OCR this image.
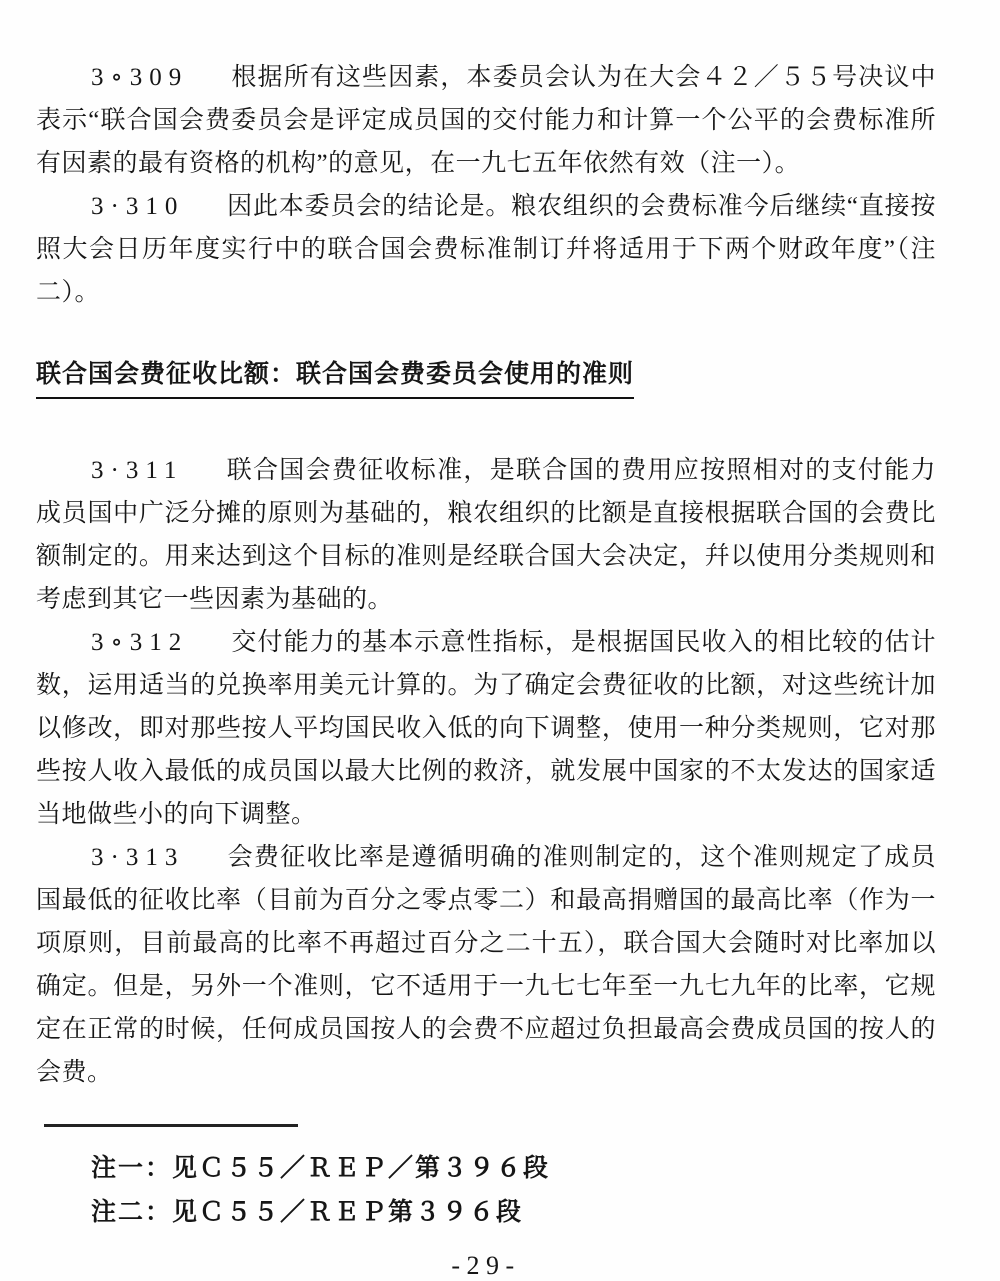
3∘309 根据所有这些因素，本委员会认为在大会４２／５５号决议中表示“联合国会费委员会是评定成员国的交付能力和计算一个公平的会费标准所有因素的最有资格的机构”的意见，在一九七五年依然有效（注一）。

3·310 因此本委员会的结论是。粮农组织的会费标准今后继续“直接按照大会日历年度实行中的联合国会费标准制订幷将适用于下两个财政年度”（注二）。

联合国会费征收比额：联合国会费委员会使用的准则

3·311 联合国会费征收标准，是联合国的费用应按照相对的支付能力成员国中广泛分摊的原则为基础的，粮农组织的比额是直接根据联合国的会费比额制定的。用来达到这个目标的准则是经联合国大会决定，幷以使用分类规则和考虑到其它一些因素为基础的。

3∘312 交付能力的基本示意性指标，是根据国民收入的相比较的估计数，运用适当的兑换率用美元计算的。为了确定会费征收的比额，对这些统计加以修改，即对那些按人平均国民收入低的向下调整，使用一种分类规则，它对那些按人收入最低的成员国以最大比例的救济，就发展中国家的不太发达的国家适当地做些小的向下调整。

3·313 会费征收比率是遵循明确的准则制定的，这个准则规定了成员国最低的征收比率（目前为百分之零点零二）和最高捐赠国的最高比率（作为一项原则，目前最高的比率不再超过百分之二十五），联合国大会随时对比率加以确定。但是，另外一个准则，它不适用于一九七七年至一九七九年的比率，它规定在正常的时候，任何成员国按人的会费不应超过负担最高会费成员国的按人的会费。

注一：见Ｃ５５／ＲＥＰ／第３９６段

注二：见Ｃ５５／ＲＥＰ第３９６段

-29-
